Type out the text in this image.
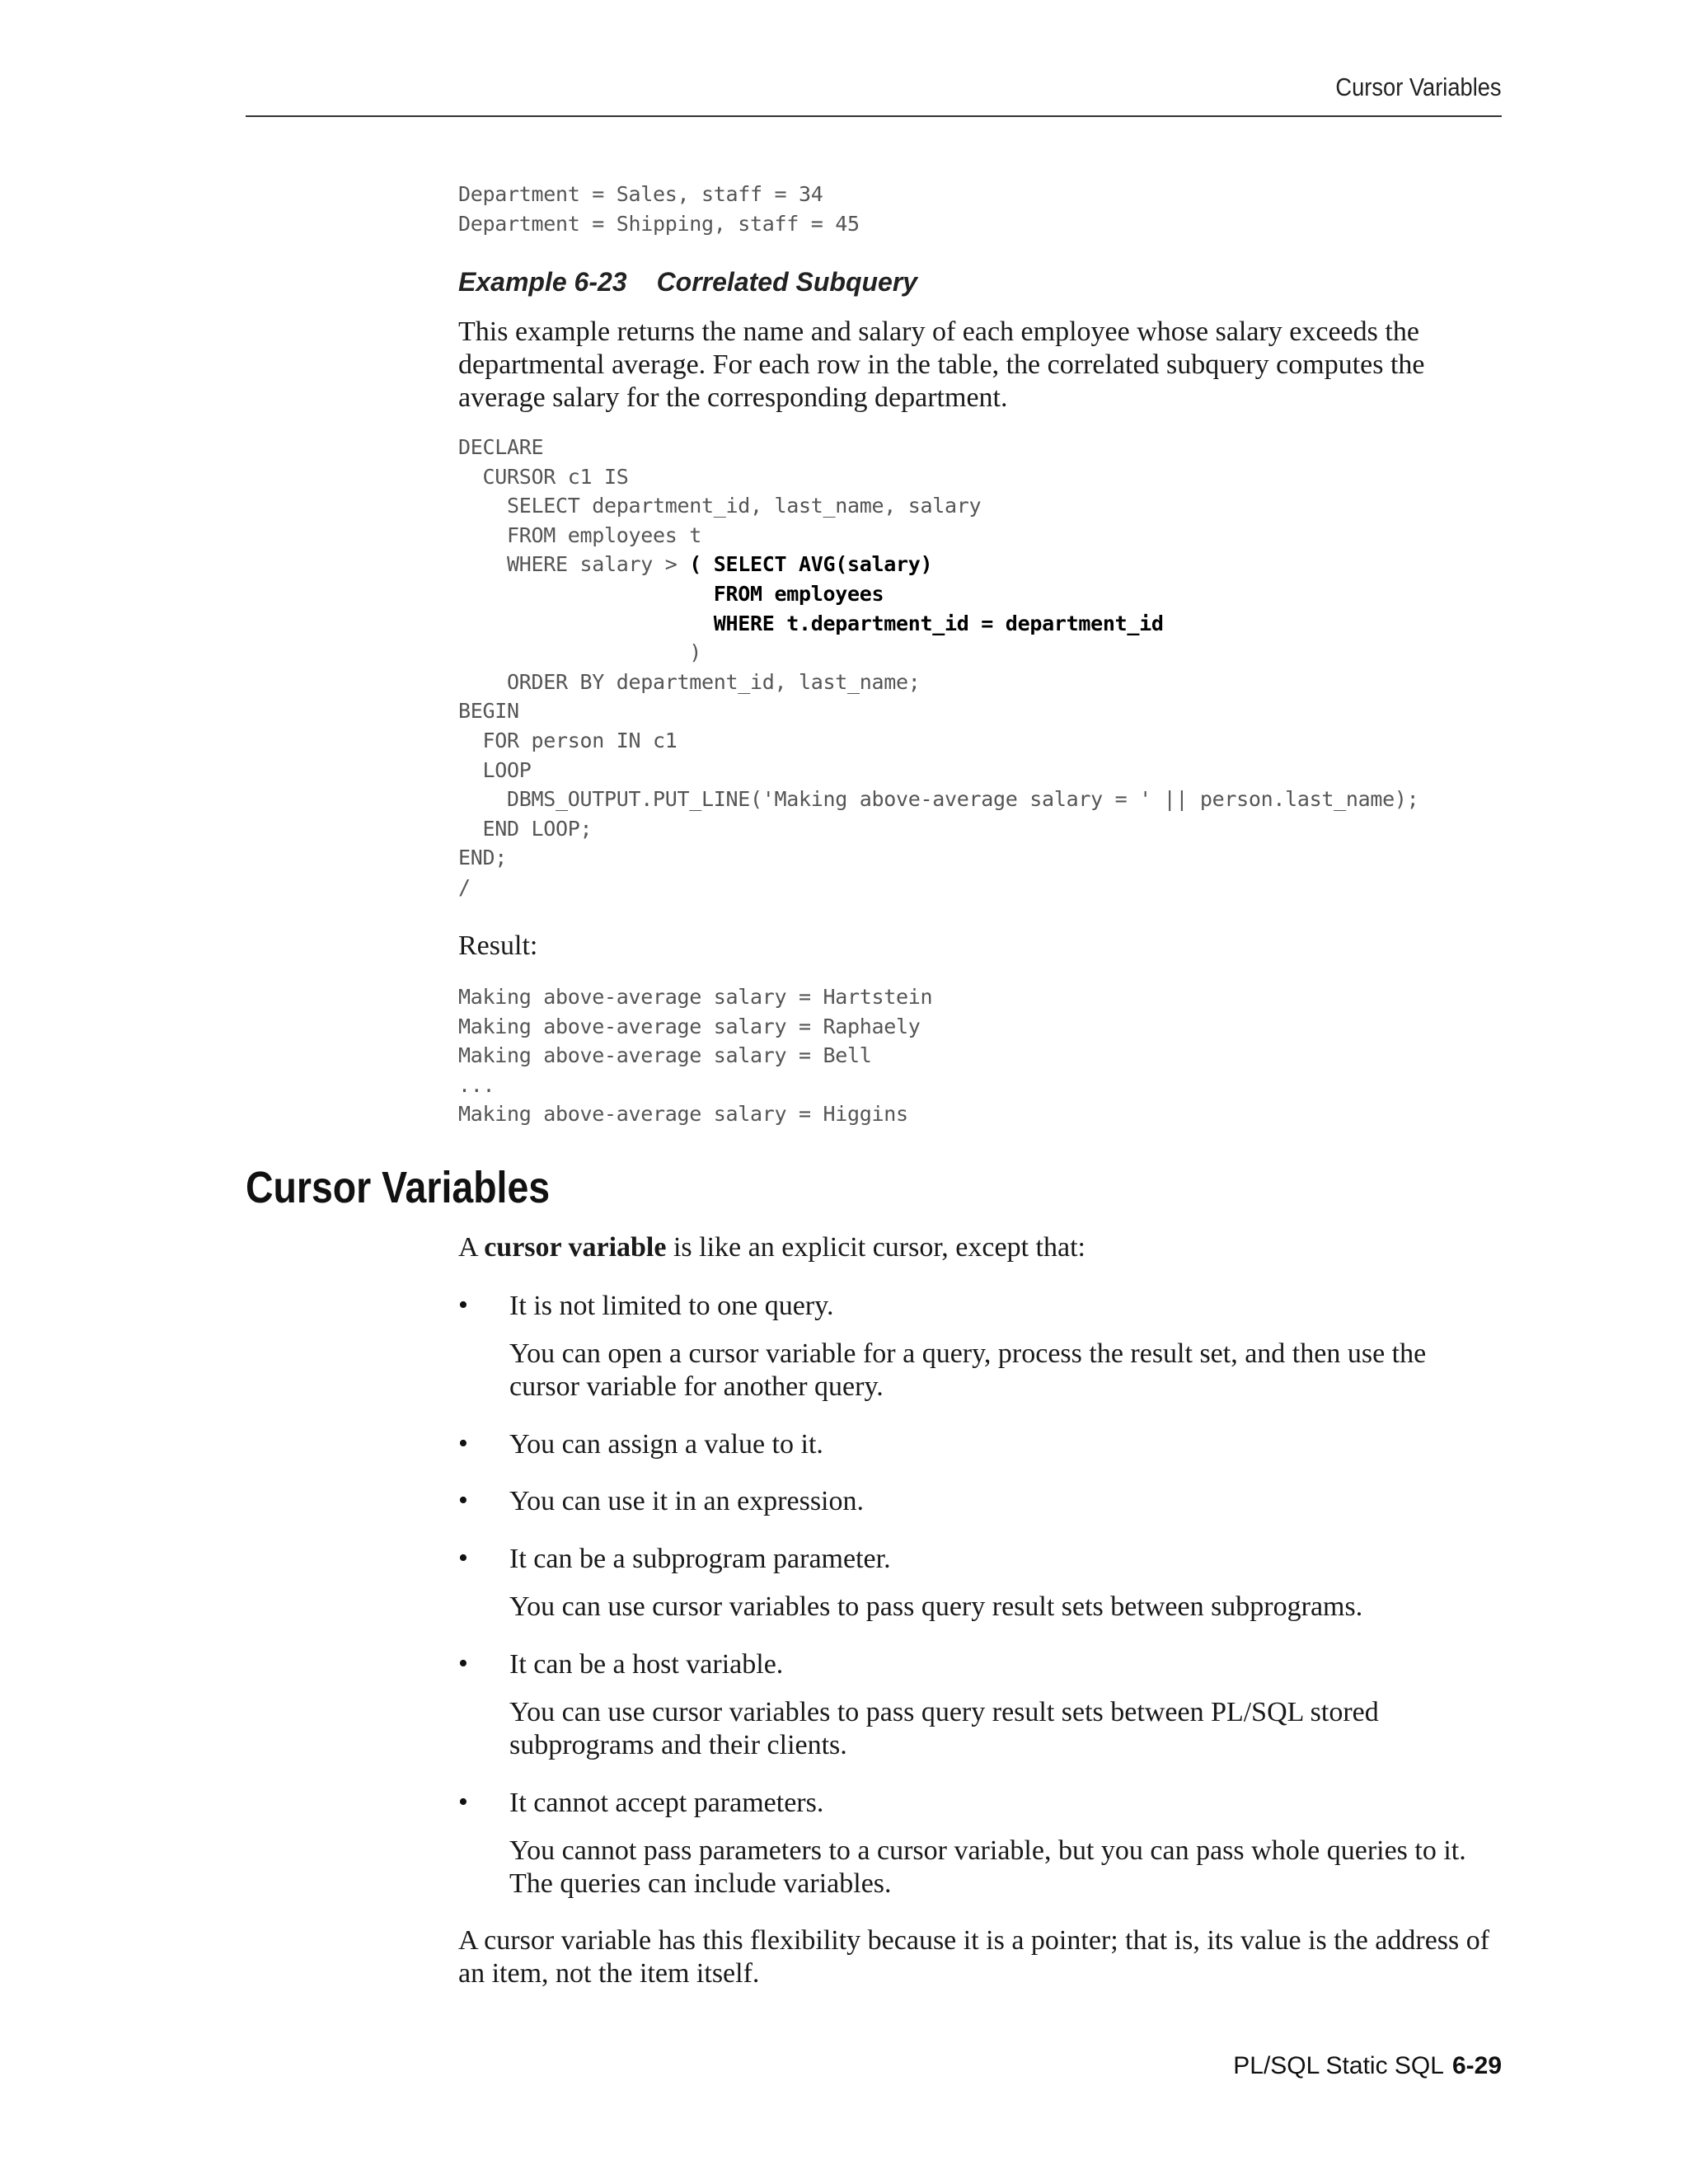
Cursor Variables
Department = Sales, staff = 34
Department = Shipping, staff = 45
Example 6-23 Correlated Subquery
This example returns the name and salary of each employee whose salary exceeds the departmental average. For each row in the table, the correlated subquery computes the average salary for the corresponding department.
DECLARE
CURSOR c1 IS
SELECT department_id, last_name, salary
FROM employees t
WHERE salary > ( SELECT AVG(salary)
FROM employees
WHERE t.department_id = department_id
)
ORDER BY department_id, last_name;
BEGIN
FOR person IN c1
LOOP
DBMS_OUTPUT.PUT_LINE('Making above-average salary = ' || person.last_name);
END LOOP;
END;
/
Result:
Making above-average salary = Hartstein
Making above-average salary = Raphaely
Making above-average salary = Bell
...
Making above-average salary = Higgins
A cursor variable is like an explicit cursor, except that:
• It is not limited to one query.
You can open a cursor variable for a query, process the result set, and then use the cursor variable for another query.
• You can assign a value to it.
• You can use it in an expression.
• It can be a subprogram parameter.
You can use cursor variables to pass query result sets between subprograms.
• It can be a host variable.
You can use cursor variables to pass query result sets between PL/SQL stored subprograms and their clients.
• It cannot accept parameters.
You cannot pass parameters to a cursor variable, but you can pass whole queries to it. The queries can include variables.
A cursor variable has this flexibility because it is a pointer; that is, its value is the address of an item, not the item itself.
Cursor Variables
PL/SQL Static SQL 6-29
